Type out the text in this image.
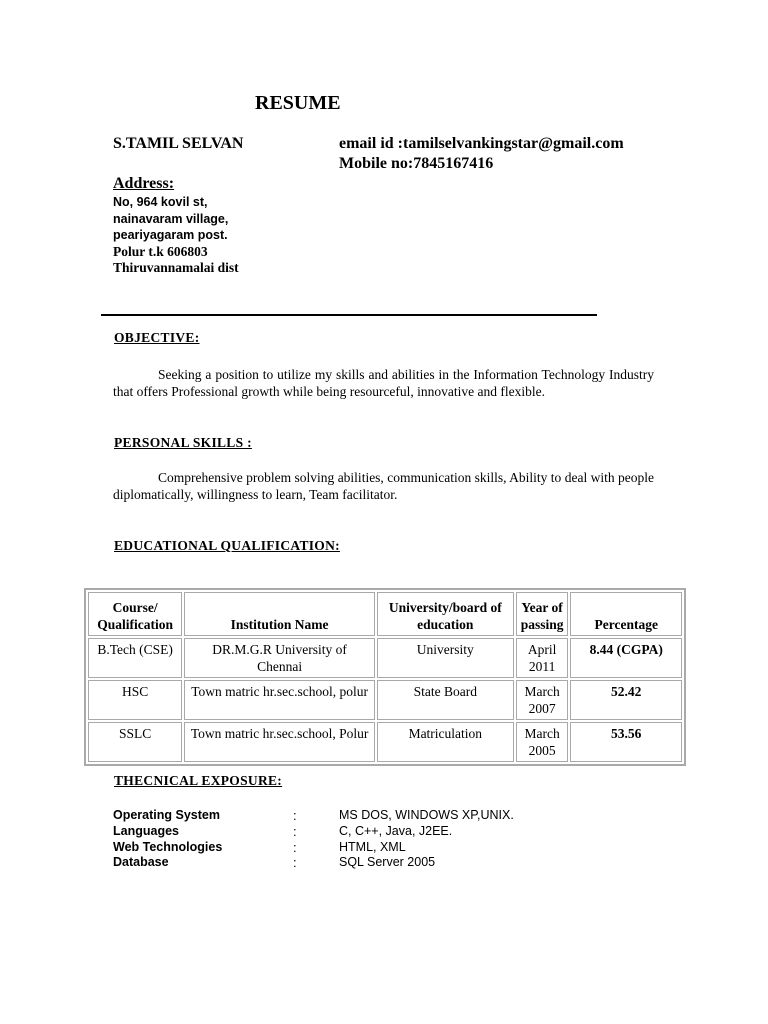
RESUME
S.TAMIL SELVAN	email id :tamilselvankingstar@gmail.com
Mobile no:7845167416
Address:
No, 964 kovil st,
nainavaram village,
peariyagaram post.
Polur t.k 606803
Thiruvannamalai dist
OBJECTIVE:
Seeking a position to utilize my skills and abilities in the Information Technology Industry that offers Professional growth while being resourceful, innovative and flexible.
PERSONAL SKILLS :
Comprehensive problem solving abilities, communication skills, Ability to deal with people diplomatically, willingness to learn, Team facilitator.
EDUCATIONAL QUALIFICATION:
Course/ Qualification	Institution Name	University/board of education	Year of passing	Percentage
B.Tech (CSE)	DR.M.G.R University of Chennai	University	April 2011	8.44 (CGPA)
HSC	Town matric hr.sec.school, polur	State Board	March 2007	52.42
SSLC	Town matric hr.sec.school, Polur	Matriculation	March 2005	53.56
THECNICAL EXPOSURE:
Operating System	:	MS DOS, WINDOWS XP,UNIX.
Languages	:	C, C++, Java, J2EE.
Web Technologies	:	HTML, XML
Database	:	SQL Server 2005
